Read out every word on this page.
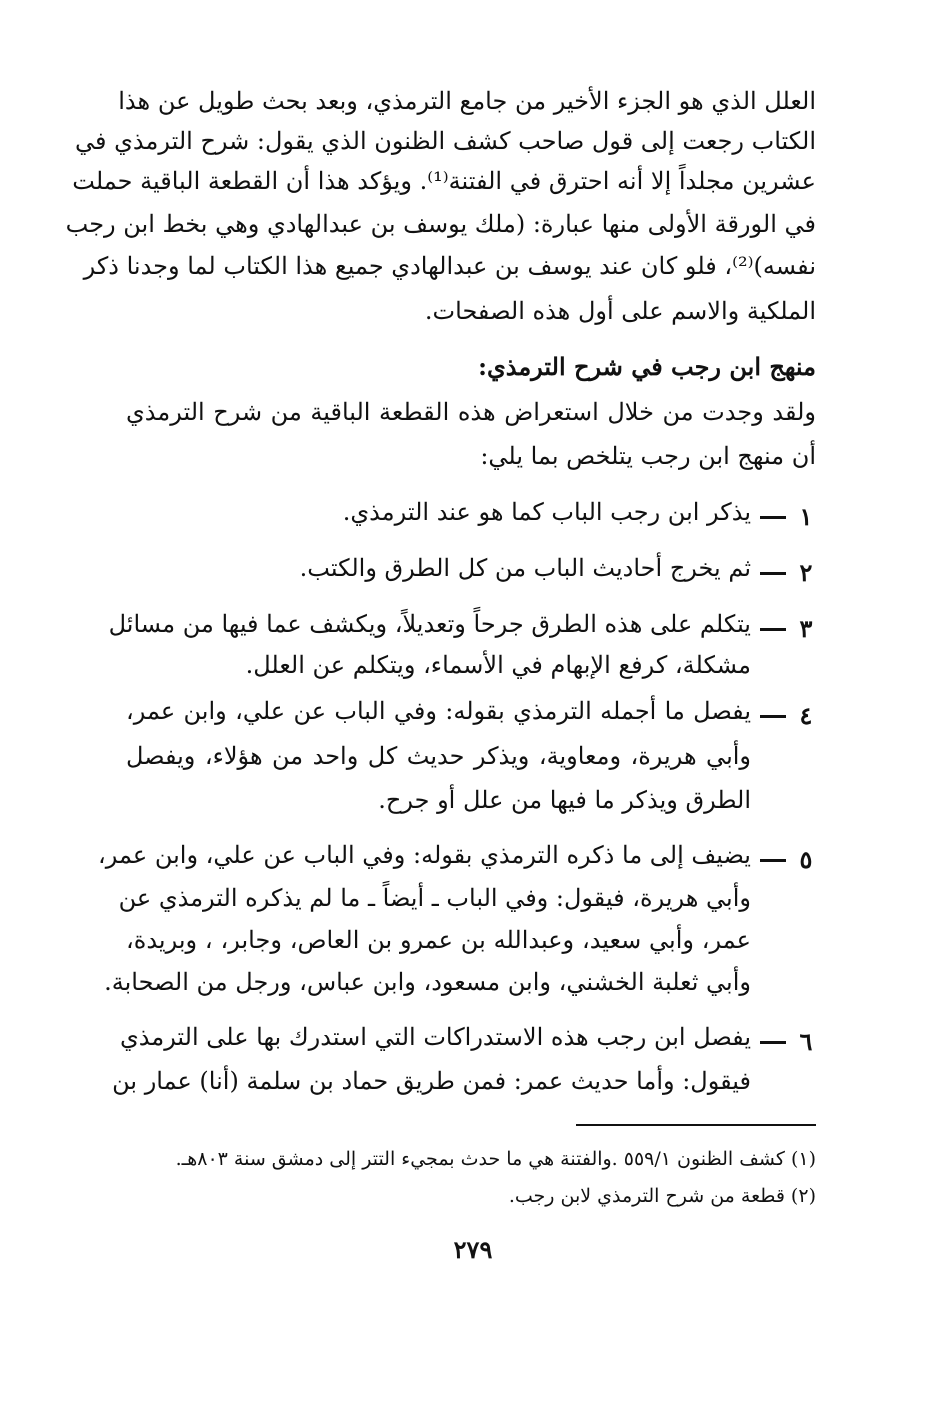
العلل الذي هو الجزء الأخير من جامع الترمذي، وبعد بحث طويل عن هذا
الكتاب رجعت إلى قول صاحب كشف الظنون الذي يقول: شرح الترمذي في
عشرين مجلداً إلا أنه احترق في الفتنة⁽¹⁾. ويؤكد هذا أن القطعة الباقية حملت
في الورقة الأولى منها عبارة: (ملك يوسف بن عبدالهادي وهي بخط ابن رجب
نفسه)⁽²⁾، فلو كان عند يوسف بن عبدالهادي جميع هذا الكتاب لما وجدنا ذكر
الملكية والاسم على أول هذه الصفحات.
منهج ابن رجب في شرح الترمذي:
ولقد وجدت من خلال استعراض هذه القطعة الباقية من شرح الترمذي
أن منهج ابن رجب يتلخص بما يلي:
١
يذكر ابن رجب الباب كما هو عند الترمذي.
٢
ثم يخرج أحاديث الباب من كل الطرق والكتب.
٣
يتكلم على هذه الطرق جرحاً وتعديلاً، ويكشف عما فيها من مسائل
مشكلة، كرفع الإبهام في الأسماء، ويتكلم عن العلل.
٤
يفصل ما أجمله الترمذي بقوله: وفي الباب عن علي، وابن عمر،
وأبي هريرة، ومعاوية، ويذكر حديث كل واحد من هؤلاء، ويفصل
الطرق ويذكر ما فيها من علل أو جرح.
٥
يضيف إلى ما ذكره الترمذي بقوله: وفي الباب عن علي، وابن عمر،
وأبي هريرة، فيقول: وفي الباب ـ أيضاً ـ ما لم يذكره الترمذي عن
عمر، وأبي سعيد، وعبدالله بن عمرو بن العاص، وجابر، ، وبريدة،
وأبي ثعلبة الخشني، وابن مسعود، وابن عباس، ورجل من الصحابة.
٦
يفصل ابن رجب هذه الاستدراكات التي استدرك بها على الترمذي
فيقول: وأما حديث عمر: فمن طريق حماد بن سلمة (أنا) عمار بن
(١) كشف الظنون ٥٥٩/١ .والفتنة هي ما حدث بمجيء التتر إلى دمشق سنة ٨٠٣هـ.
(٢) قطعة من شرح الترمذي لابن رجب.
٢٧٩
